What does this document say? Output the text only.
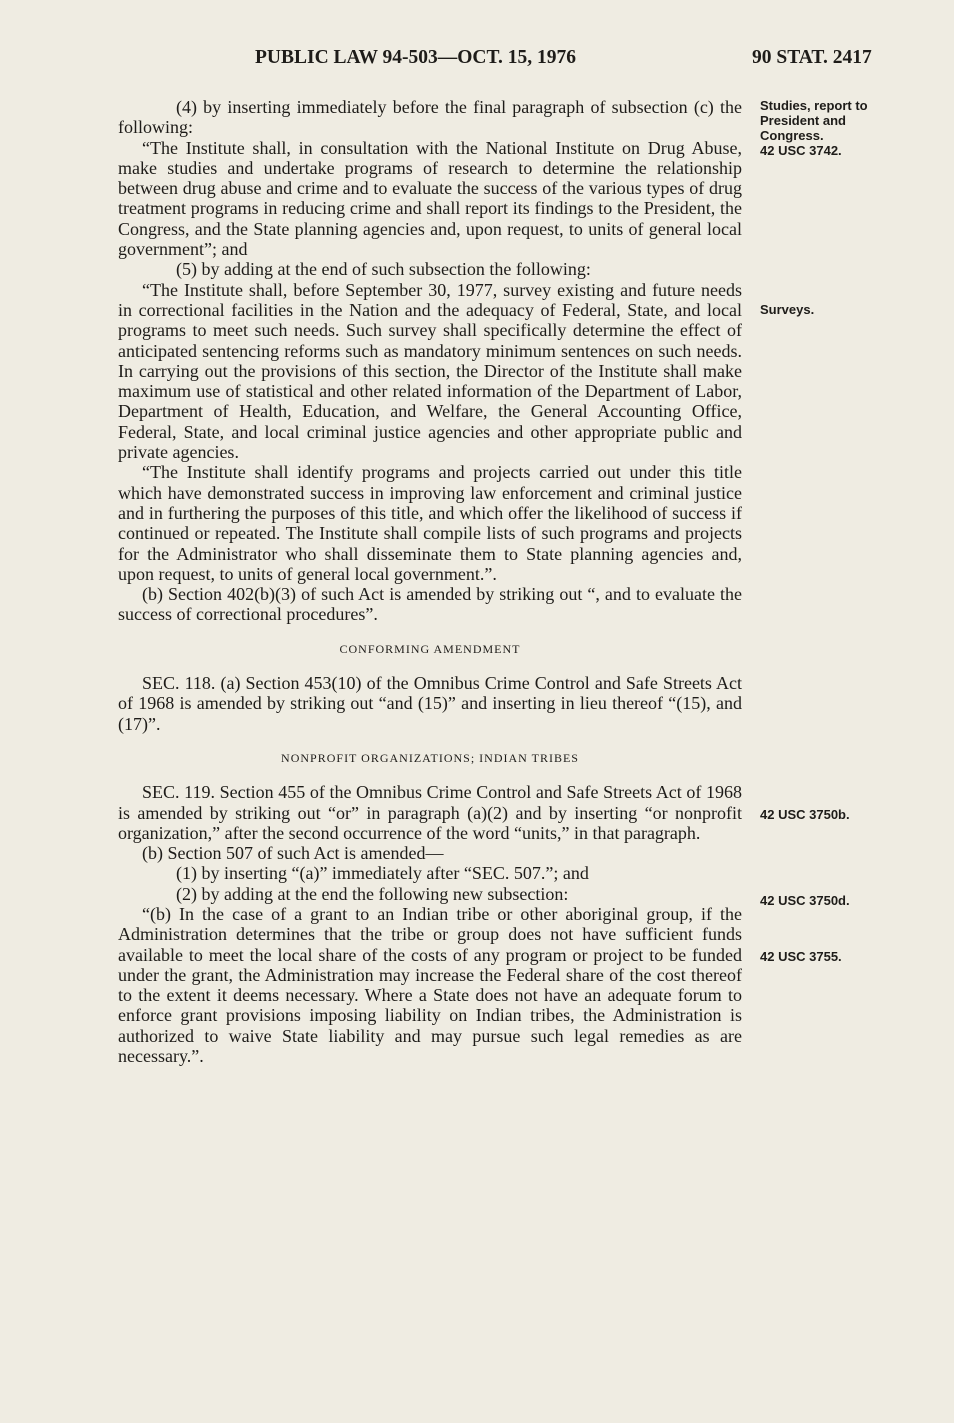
PUBLIC LAW 94-503—OCT. 15, 1976	90 STAT. 2417
Studies, report to
President and
Congress.
42 USC 3742.
Surveys.
42 USC 3750b.
42 USC 3750d.
42 USC 3755.

(4) by inserting immediately before the final paragraph of subsection (c) the following:

“The Institute shall, in consultation with the National Institute on Drug Abuse, make studies and undertake programs of research to determine the relationship between drug abuse and crime and to evaluate the success of the various types of drug treatment programs in reducing crime and shall report its findings to the President, the Congress, and the State planning agencies and, upon request, to units of general local government”; and

(5) by adding at the end of such subsection the following:

“The Institute shall, before September 30, 1977, survey existing and future needs in correctional facilities in the Nation and the adequacy of Federal, State, and local programs to meet such needs. Such survey shall specifically determine the effect of anticipated sentencing reforms such as mandatory minimum sentences on such needs. In carrying out the provisions of this section, the Director of the Institute shall make maximum use of statistical and other related information of the Department of Labor, Department of Health, Education, and Welfare, the General Accounting Office, Federal, State, and local criminal justice agencies and other appropriate public and private agencies.

“The Institute shall identify programs and projects carried out under this title which have demonstrated success in improving law enforcement and criminal justice and in furthering the purposes of this title, and which offer the likelihood of success if continued or repeated. The Institute shall compile lists of such programs and projects for the Administrator who shall disseminate them to State planning agencies and, upon request, to units of general local government.”.

(b) Section 402(b)(3) of such Act is amended by striking out “, and to evaluate the success of correctional procedures”.

CONFORMING AMENDMENT

SEC. 118. (a) Section 453(10) of the Omnibus Crime Control and Safe Streets Act of 1968 is amended by striking out “and (15)” and inserting in lieu thereof “(15), and (17)”.

NONPROFIT ORGANIZATIONS; INDIAN TRIBES

SEC. 119. Section 455 of the Omnibus Crime Control and Safe Streets Act of 1968 is amended by striking out “or” in paragraph (a)(2) and by inserting “or nonprofit organization,” after the second occurrence of the word “units,” in that paragraph.

(b) Section 507 of such Act is amended—

(1) by inserting “(a)” immediately after “SEC. 507.”; and

(2) by adding at the end the following new subsection:

“(b) In the case of a grant to an Indian tribe or other aboriginal group, if the Administration determines that the tribe or group does not have sufficient funds available to meet the local share of the costs of any program or project to be funded under the grant, the Administration may increase the Federal share of the cost thereof to the extent it deems necessary. Where a State does not have an adequate forum to enforce grant provisions imposing liability on Indian tribes, the Administration is authorized to waive State liability and may pursue such legal remedies as are necessary.”.
